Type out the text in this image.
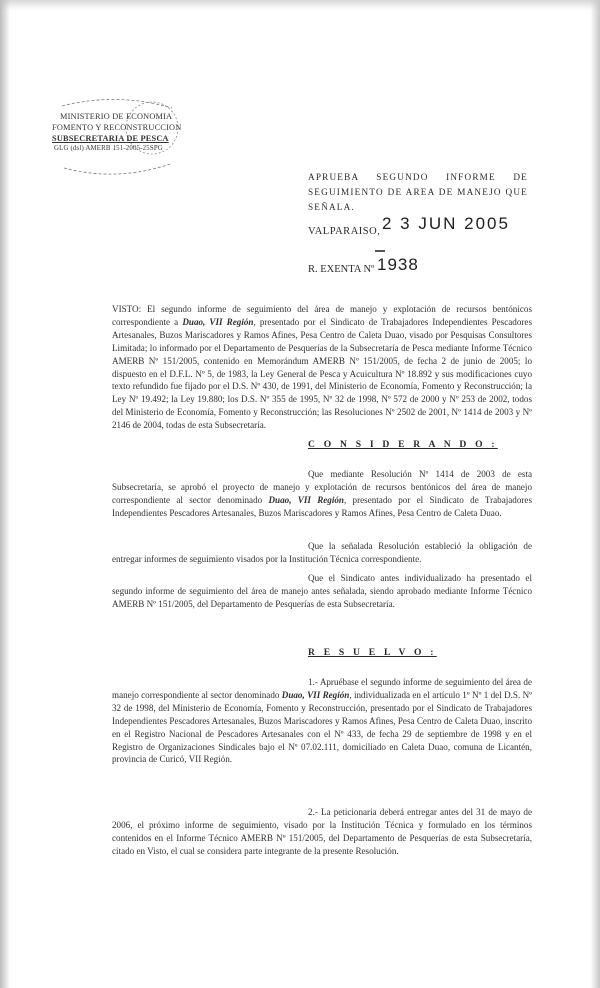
MINISTERIO DE ECONOMIA
FOMENTO Y RECONSTRUCCION
SUBSECRETARIA DE PESCA
GLG (dsl) AMERB 151-2005-25SPG
APRUEBA SEGUNDO INFORME DE
SEGUIMIENTO DE AREA DE MANEJO QUE
SEÑALA.
VALPARAISO, 2 3 JUN 2005
R. EXENTA Nº 1938
VISTO: El segundo informe de seguimiento del área de manejo y explotación de recursos bentónicos correspondiente a Duao, VII Región, presentado por el Sindicato de Trabajadores Independientes Pescadores Artesanales, Buzos Mariscadores y Ramos Afines, Pesa Centro de Caleta Duao, visado por Pesquisas Consultores Limitada; lo informado por el Departamento de Pesquerías de la Subsecretaría de Pesca mediante Informe Técnico AMERB Nº 151/2005, contenido en Memorándum AMERB Nº 151/2005, de fecha 2 de junio de 2005; lo dispuesto en el D.F.L. Nº 5, de 1983, la Ley General de Pesca y Acuicultura Nº 18.892 y sus modificaciones cuyo texto refundido fue fijado por el D.S. Nº 430, de 1991, del Ministerio de Economía, Fomento y Reconstrucción; la Ley Nº 19.492; la Ley 19.880; los D.S. Nº 355 de 1995, Nº 32 de 1998, Nº 572 de 2000 y Nº 253 de 2002, todos del Ministerio de Economía, Fomento y Reconstrucción; las Resoluciones Nº 2502 de 2001, Nº 1414 de 2003 y Nº 2146 de 2004, todas de esta Subsecretaría.
C O N S I D E R A N D O :
Que mediante Resolución Nº 1414 de 2003 de esta Subsecretaría, se aprobó el proyecto de manejo y explotación de recursos bentónicos del área de manejo correspondiente al sector denominado Duao, VII Región, presentado por el Sindicato de Trabajadores Independientes Pescadores Artesanales, Buzos Mariscadores y Ramos Afines, Pesa Centro de Caleta Duao.
Que la señalada Resolución estableció la obligación de entregar informes de seguimiento visados por la Institución Técnica correspondiente.
Que el Sindicato antes individualizado ha presentado el segundo informe de seguimiento del área de manejo antes señalada, siendo aprobado mediante Informe Técnico AMERB Nº 151/2005, del Departamento de Pesquerías de esta Subsecretaría.
R E S U E L V O :
1.- Apruébase el segundo informe de seguimiento del área de manejo correspondiente al sector denominado Duao, VII Región, individualizada en el artículo 1º Nº 1 del D.S. Nº 32 de 1998, del Ministerio de Economía, Fomento y Reconstrucción, presentado por el Sindicato de Trabajadores Independientes Pescadores Artesanales, Buzos Mariscadores y Ramos Afines, Pesa Centro de Caleta Duao, inscrito en el Registro Nacional de Pescadores Artesanales con el Nº 433, de fecha 29 de septiembre de 1998 y en el Registro de Organizaciones Sindicales bajo el Nº 07.02.111, domiciliado en Caleta Duao, comuna de Licantén, provincia de Curicó, VII Región.
2.- La peticionaria deberá entregar antes del 31 de mayo de 2006, el próximo informe de seguimiento, visado por la Institución Técnica y formulado en los términos contenidos en el Informe Técnico AMERB Nº 151/2005, del Departamento de Pesquerías de esta Subsecretaría, citado en Visto, el cual se considera parte integrante de la presente Resolución.
